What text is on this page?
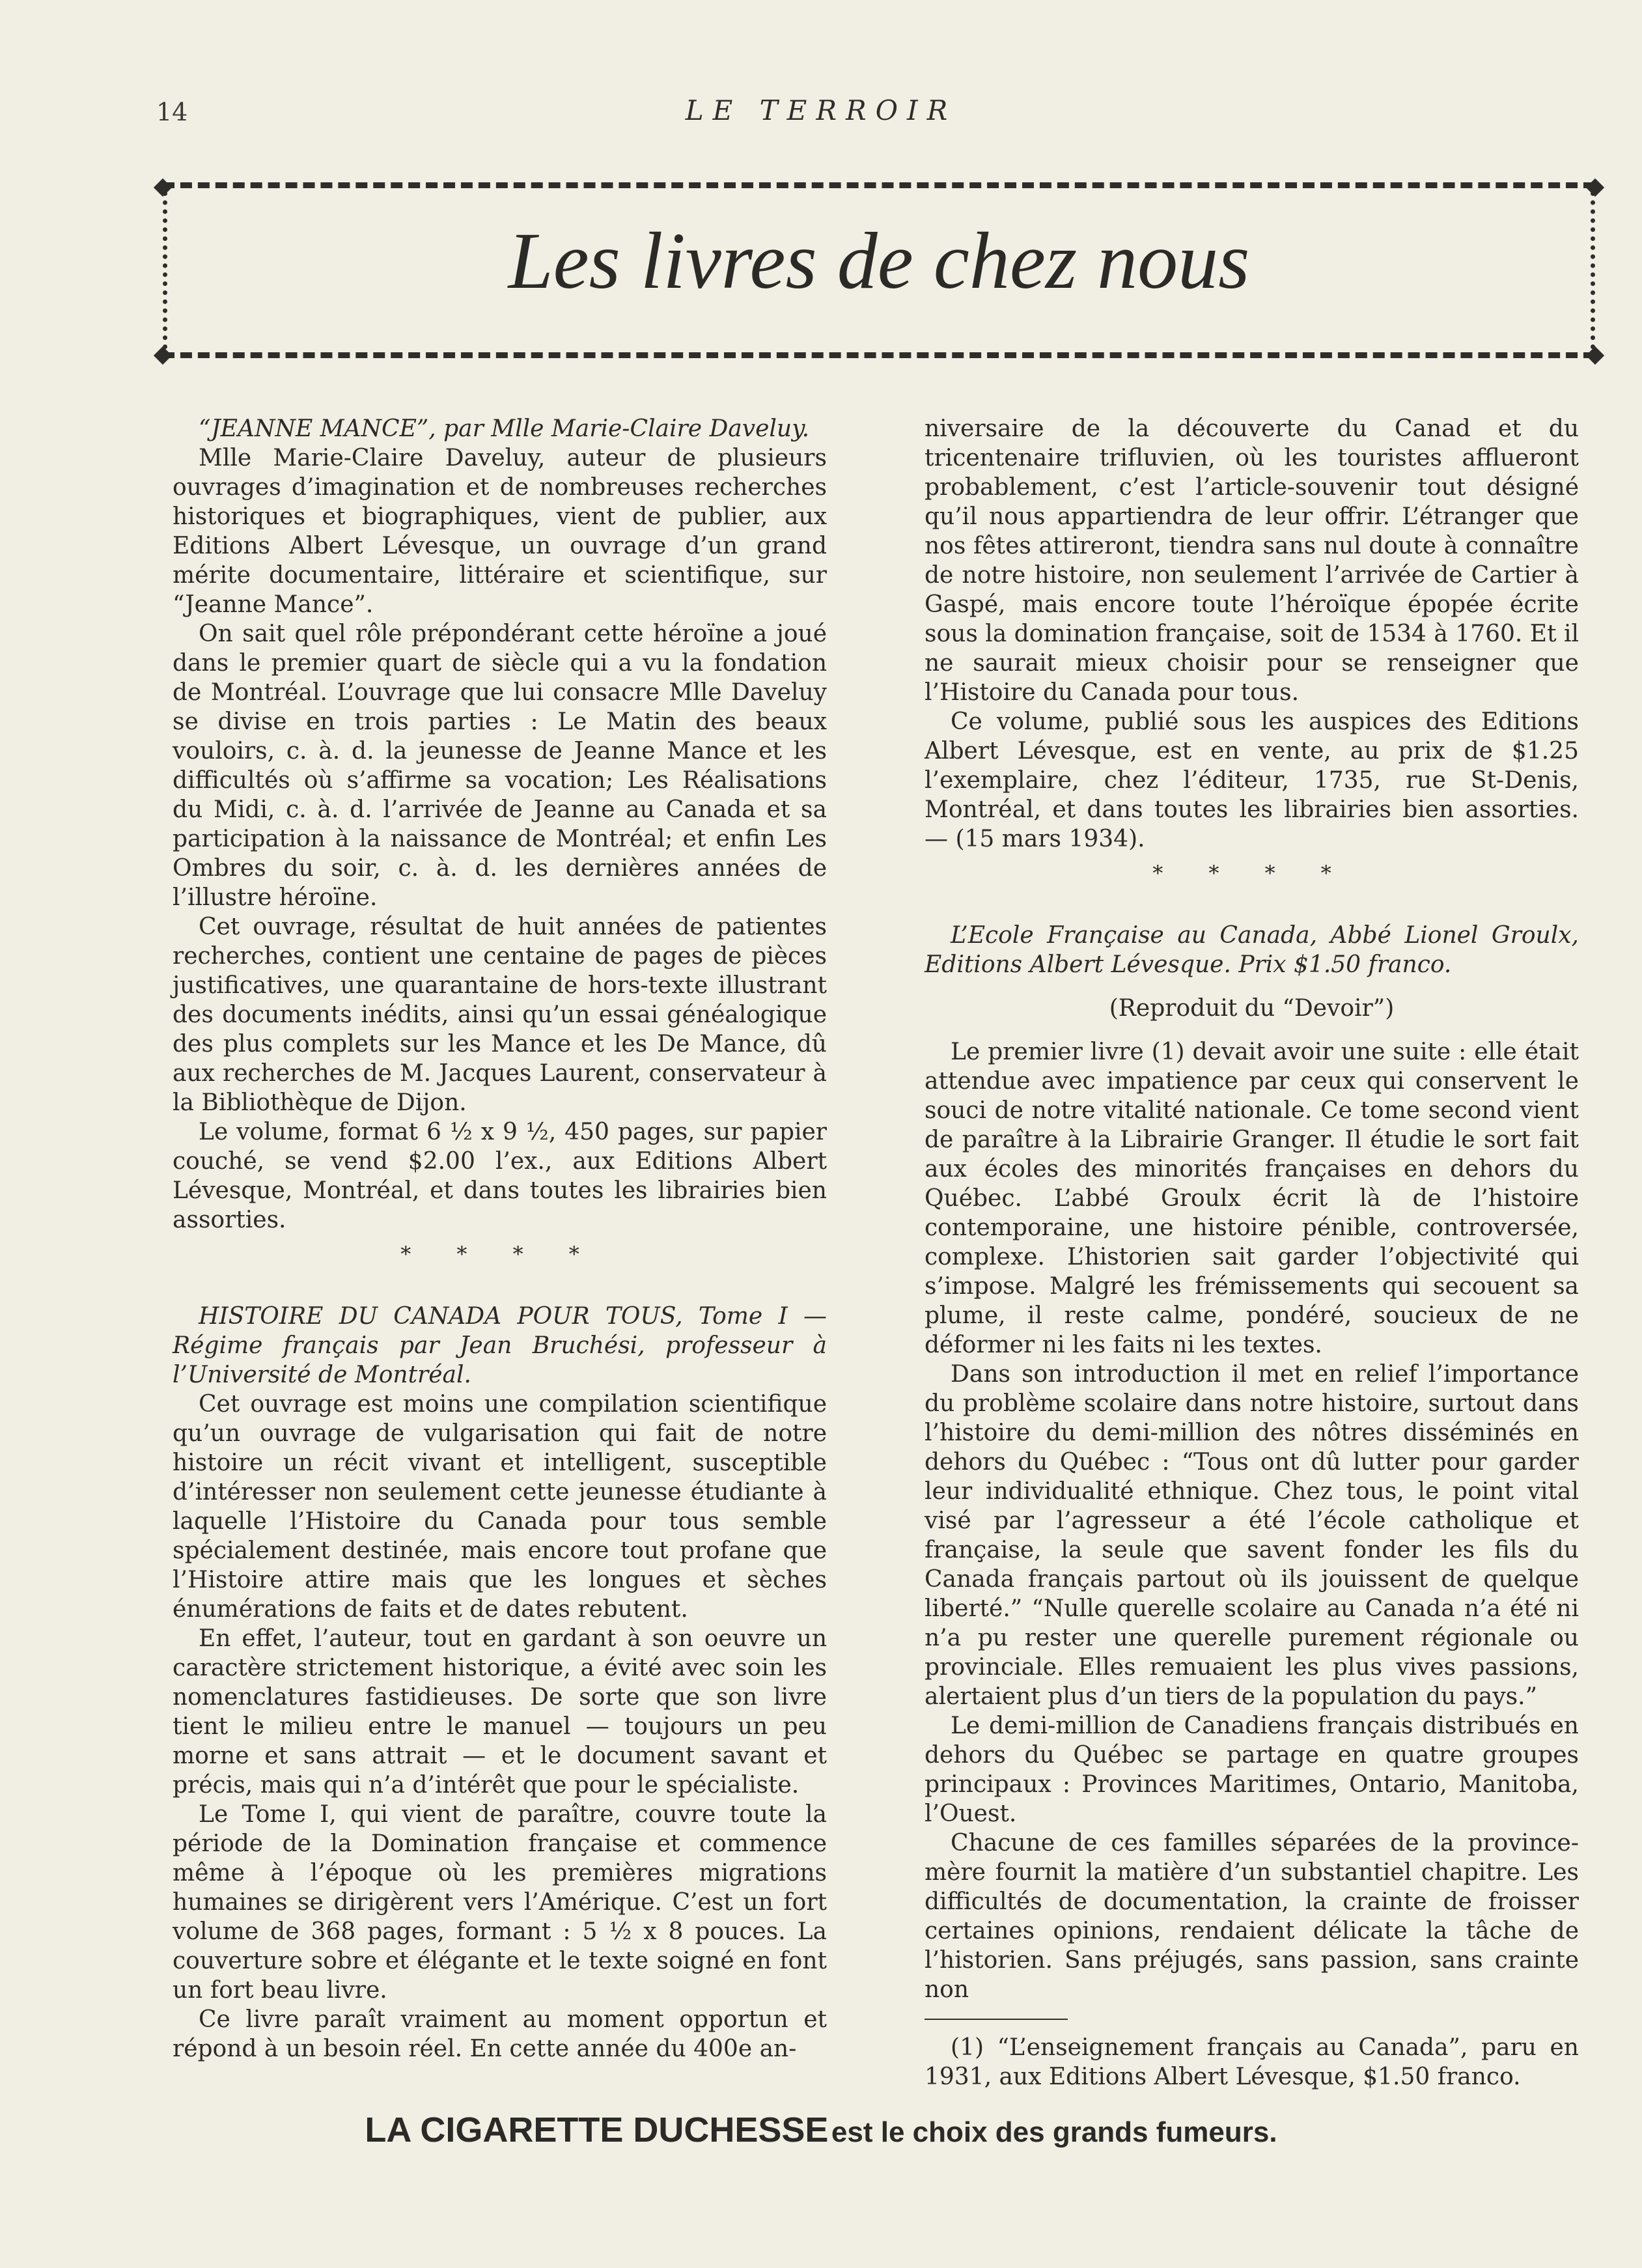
14	LE TERROIR
Les livres de chez nous

“JEANNE MANCE”, par Mlle Marie-Claire Daveluy.

Mlle Marie-Claire Daveluy, auteur de plusieurs ouvrages d’imagination et de nombreuses recherches historiques et biographiques, vient de publier, aux Editions Albert Lévesque, un ouvrage d’un grand mérite documentaire, littéraire et scientifique, sur “Jeanne Mance”.

On sait quel rôle prépondérant cette héroïne a joué dans le premier quart de siècle qui a vu la fondation de Montréal. L’ouvrage que lui consacre Mlle Daveluy se divise en trois parties : Le Matin des beaux vouloirs, c. à. d. la jeunesse de Jeanne Mance et les difficultés où s’affirme sa vocation; Les Réalisations du Midi, c. à. d. l’arrivée de Jeanne au Canada et sa participation à la naissance de Montréal; et enfin Les Ombres du soir, c. à. d. les dernières années de l’illustre héroïne.

Cet ouvrage, résultat de huit années de patientes recherches, contient une centaine de pages de pièces justificatives, une quarantaine de hors-texte illustrant des documents inédits, ainsi qu’un essai généalogique des plus complets sur les Mance et les De Mance, dû aux recherches de M. Jacques Laurent, conservateur à la Bibliothèque de Dijon.

Le volume, format 6 ½ x 9 ½, 450 pages, sur papier couché, se vend $2.00 l’ex., aux Editions Albert Lévesque, Montréal, et dans toutes les librairies bien assorties.

* * * *

HISTOIRE DU CANADA POUR TOUS, Tome I — Régime français par Jean Bruchési, professeur à l’Université de Montréal.

Cet ouvrage est moins une compilation scientifique qu’un ouvrage de vulgarisation qui fait de notre histoire un récit vivant et intelligent, susceptible d’intéresser non seulement cette jeunesse étudiante à laquelle l’Histoire du Canada pour tous semble spécialement destinée, mais encore tout profane que l’Histoire attire mais que les longues et sèches énumérations de faits et de dates rebutent.

En effet, l’auteur, tout en gardant à son oeuvre un caractère strictement historique, a évité avec soin les nomenclatures fastidieuses. De sorte que son livre tient le milieu entre le manuel — toujours un peu morne et sans attrait — et le document savant et précis, mais qui n’a d’intérêt que pour le spécialiste.

Le Tome I, qui vient de paraître, couvre toute la période de la Domination française et commence même à l’époque où les premières migrations humaines se dirigèrent vers l’Amérique. C’est un fort volume de 368 pages, formant : 5 ½ x 8 pouces. La couverture sobre et élégante et le texte soigné en font un fort beau livre.

Ce livre paraît vraiment au moment opportun et répond à un besoin réel. En cette année du 400e an-

niversaire de la découverte du Canad et du tricentenaire trifluvien, où les touristes afflueront probablement, c’est l’article-souvenir tout désigné qu’il nous appartiendra de leur offrir. L’étranger que nos fêtes attireront, tiendra sans nul doute à connaître de notre histoire, non seulement l’arrivée de Cartier à Gaspé, mais encore toute l’héroïque épopée écrite sous la domination française, soit de 1534 à 1760. Et il ne saurait mieux choisir pour se renseigner que l’Histoire du Canada pour tous.

Ce volume, publié sous les auspices des Editions Albert Lévesque, est en vente, au prix de $1.25 l’exemplaire, chez l’éditeur, 1735, rue St-Denis, Montréal, et dans toutes les librairies bien assorties. — (15 mars 1934).

* * * *

L’Ecole Française au Canada, Abbé Lionel Groulx, Editions Albert Lévesque. Prix $1.50 franco.

(Reproduit du “Devoir”)

Le premier livre (1) devait avoir une suite : elle était attendue avec impatience par ceux qui conservent le souci de notre vitalité nationale. Ce tome second vient de paraître à la Librairie Granger. Il étudie le sort fait aux écoles des minorités françaises en dehors du Québec. L’abbé Groulx écrit là de l’histoire contemporaine, une histoire pénible, controversée, complexe. L’historien sait garder l’objectivité qui s’impose. Malgré les frémissements qui secouent sa plume, il reste calme, pondéré, soucieux de ne déformer ni les faits ni les textes.

Dans son introduction il met en relief l’importance du problème scolaire dans notre histoire, surtout dans l’histoire du demi-million des nôtres disséminés en dehors du Québec : “Tous ont dû lutter pour garder leur individualité ethnique. Chez tous, le point vital visé par l’agresseur a été l’école catholique et française, la seule que savent fonder les fils du Canada français partout où ils jouissent de quelque liberté.” “Nulle querelle scolaire au Canada n’a été ni n’a pu rester une querelle purement régionale ou provinciale. Elles remuaient les plus vives passions, alertaient plus d’un tiers de la population du pays.”

Le demi-million de Canadiens français distribués en dehors du Québec se partage en quatre groupes principaux : Provinces Maritimes, Ontario, Manitoba, l’Ouest.

Chacune de ces familles séparées de la province-mère fournit la matière d’un substantiel chapitre. Les difficultés de documentation, la crainte de froisser certaines opinions, rendaient délicate la tâche de l’historien. Sans préjugés, sans passion, sans crainte non

(1) “L’enseignement français au Canada”, paru en 1931, aux Editions Albert Lévesque, $1.50 franco.

LA CIGARETTE DUCHESSE est le choix des grands fumeurs.
